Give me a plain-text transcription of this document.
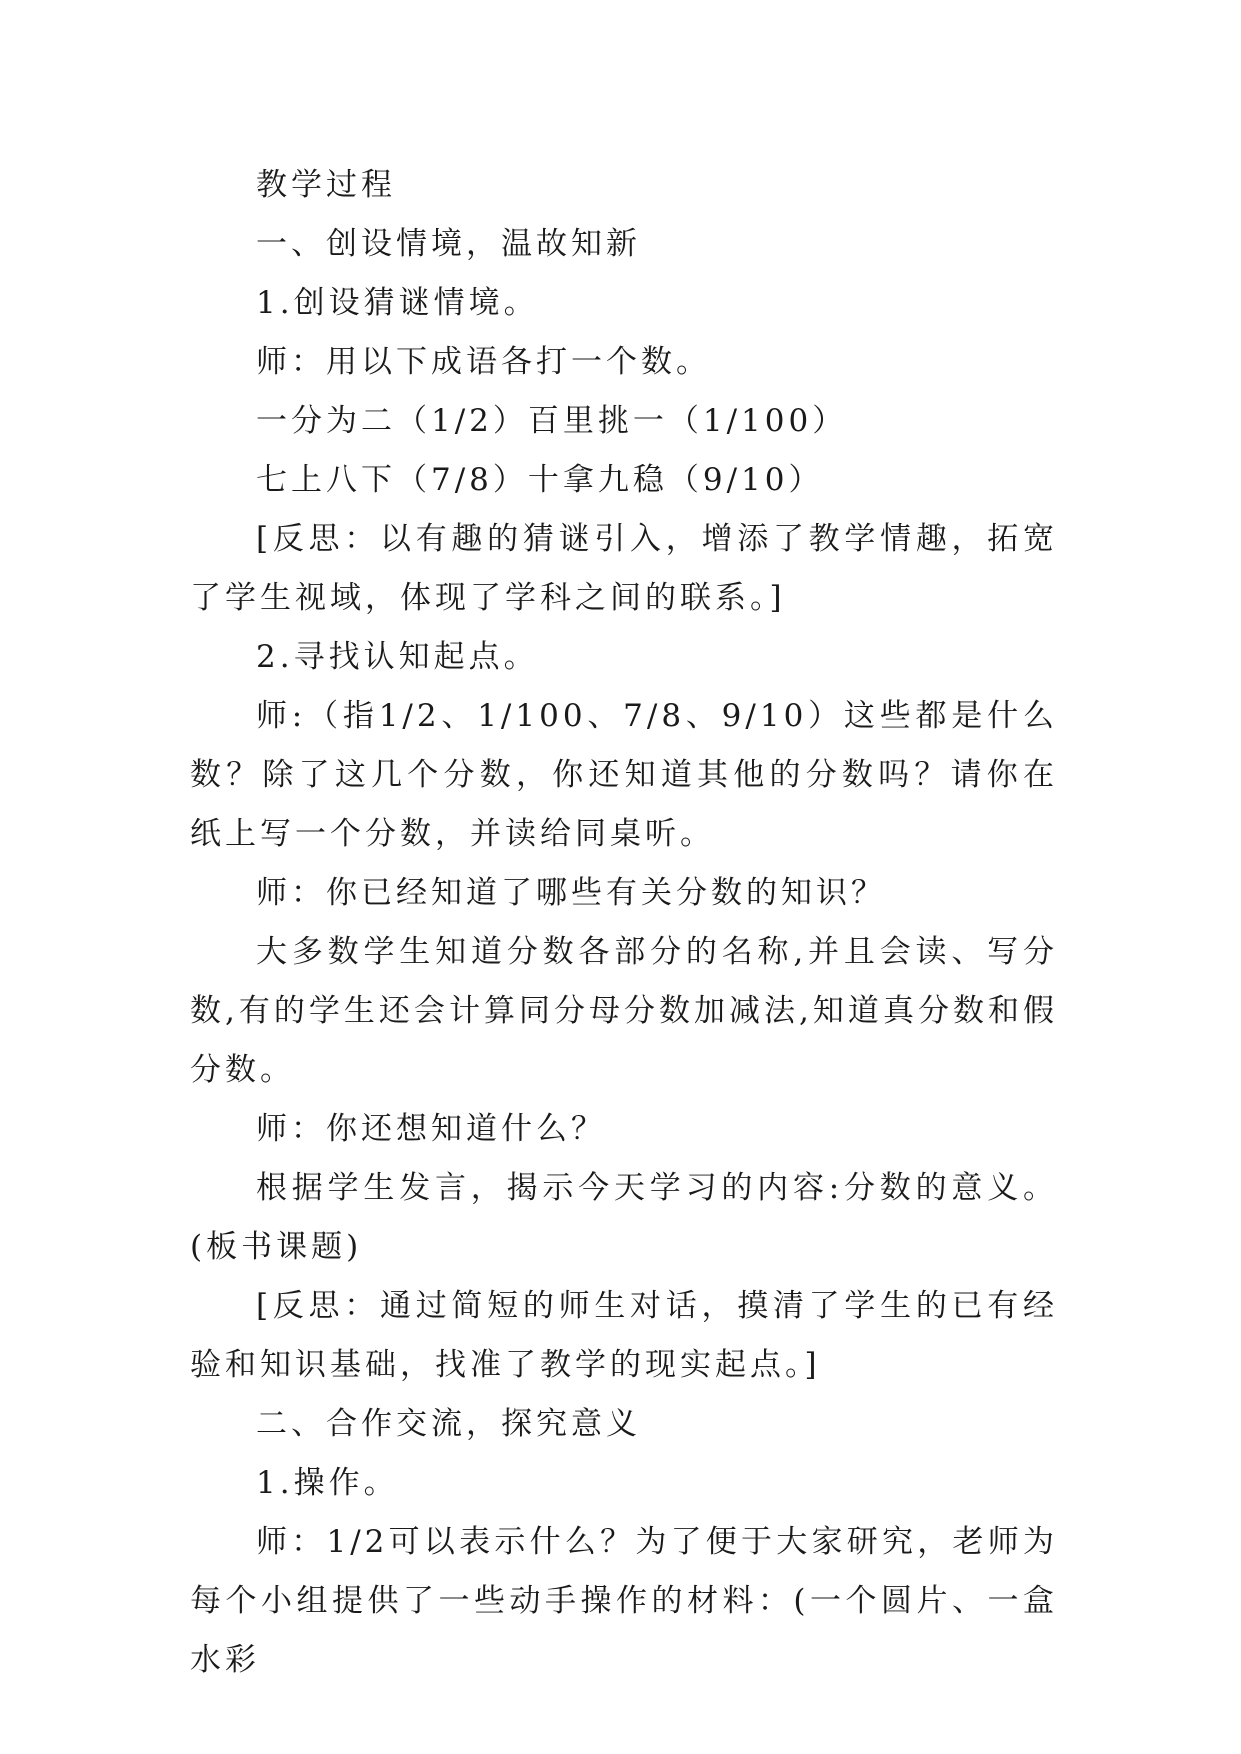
教学过程

一、创设情境，温故知新

1.创设猜谜情境。

师：用以下成语各打一个数。

一分为二（1/2）百里挑一（1/100）

七上八下（7/8）十拿九稳（9/10）

[反思：以有趣的猜谜引入，增添了教学情趣，拓宽了学生视域，体现了学科之间的联系。]

2.寻找认知起点。

师:（指1/2、1/100、7/8、9/10）这些都是什么数？除了这几个分数，你还知道其他的分数吗？请你在纸上写一个分数，并读给同桌听。

师：你已经知道了哪些有关分数的知识？

大多数学生知道分数各部分的名称,并且会读、写分数,有的学生还会计算同分母分数加减法,知道真分数和假分数。

师：你还想知道什么？

根据学生发言，揭示今天学习的内容:分数的意义。(板书课题)

[反思：通过简短的师生对话，摸清了学生的已有经验和知识基础，找准了教学的现实起点。]

二、合作交流，探究意义

1.操作。

师：1/2可以表示什么？为了便于大家研究，老师为每个小组提供了一些动手操作的材料：(一个圆片、一盒水彩
